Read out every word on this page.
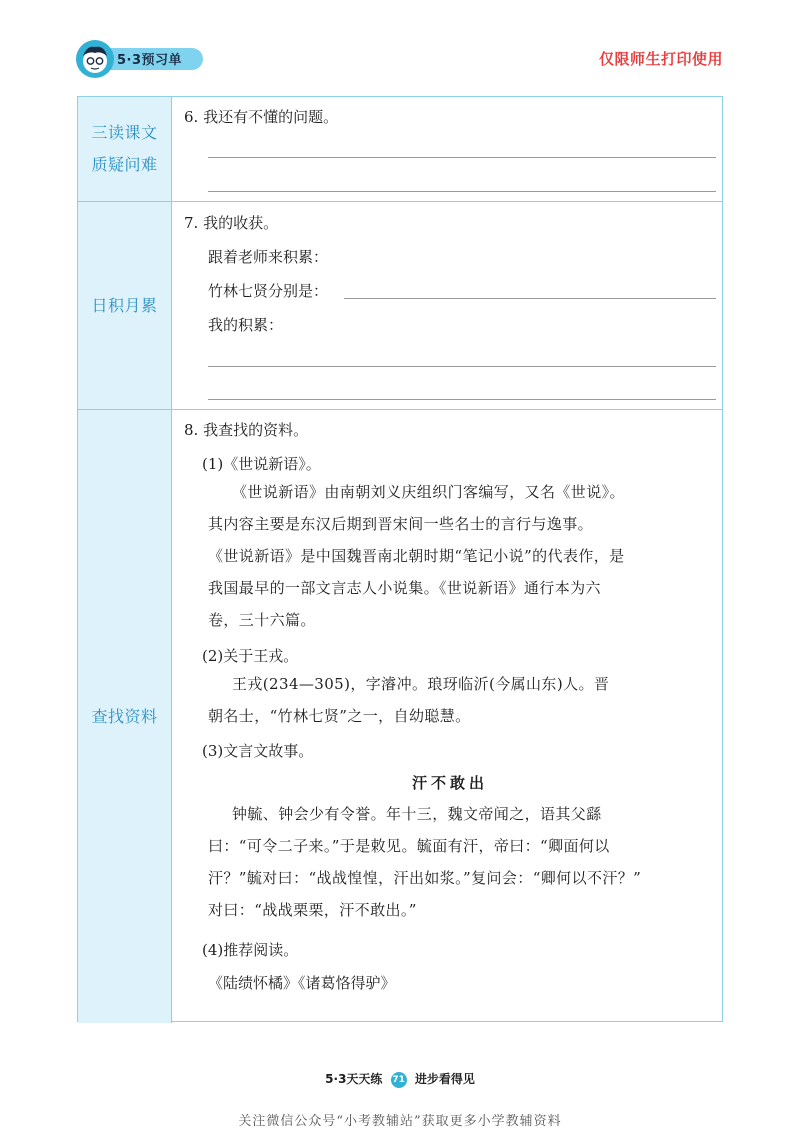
5·3预习单	仅限师生打印使用
三读课文
质疑问难
6. 我还有不懂的问题。
日积月累
7. 我的收获。
跟着老师来积累：
竹林七贤分别是：
我的积累：
查找资料
8. 我查找的资料。
(1)《世说新语》。
《世说新语》由南朝刘义庆组织门客编写，又名《世说》。
其内容主要是东汉后期到晋宋间一些名士的言行与逸事。
《世说新语》是中国魏晋南北朝时期“笔记小说”的代表作，是
我国最早的一部文言志人小说集。《世说新语》通行本为六
卷，三十六篇。
(2)关于王戎。
王戎(234—305)，字濬冲。琅玡临沂(今属山东)人。晋
朝名士，“竹林七贤”之一，自幼聪慧。
(3)文言文故事。
汗不敢出
钟毓、钟会少有令誉。年十三，魏文帝闻之，语其父繇
曰：“可令二子来。”于是敕见。毓面有汗，帝曰：“卿面何以
汗？”毓对曰：“战战惶惶，汗出如浆。”复问会：“卿何以不汗？”
对曰：“战战栗栗，汗不敢出。”
(4)推荐阅读。
《陆绩怀橘》《诸葛恪得驴》
5·3天天练 71 进步看得见
关注微信公众号“小考教辅站”获取更多小学教辅资料
